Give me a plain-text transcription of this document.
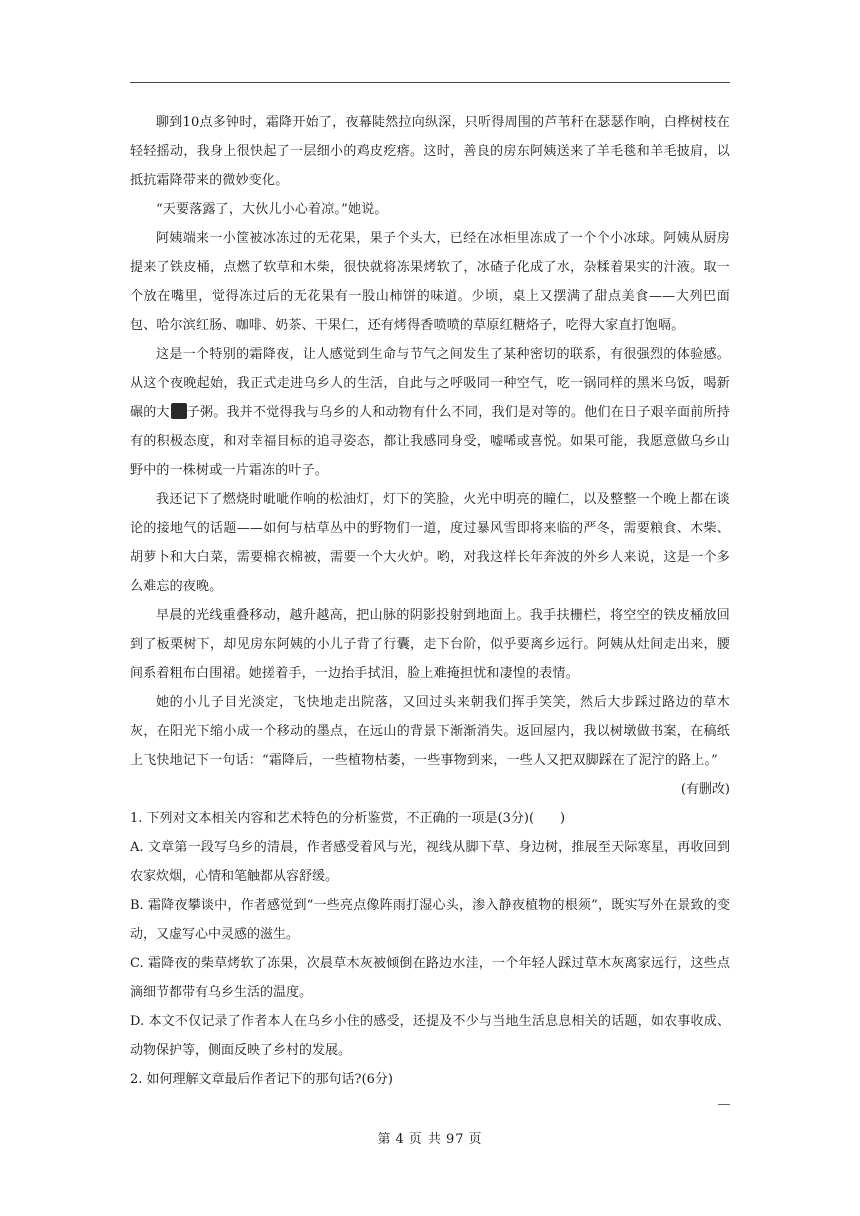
聊到10点多钟时，霜降开始了，夜幕陡然拉向纵深，只听得周围的芦苇秆在瑟瑟作响，白桦树枝在轻轻摇动，我身上很快起了一层细小的鸡皮疙瘩。这时，善良的房东阿姨送来了羊毛毯和羊毛披肩，以抵抗霜降带来的微妙变化。

“天要落露了，大伙儿小心着凉。”她说。

阿姨端来一小筐被冰冻过的无花果，果子个头大，已经在冰柜里冻成了一个个小冰球。阿姨从厨房提来了铁皮桶，点燃了软草和木柴，很快就将冻果烤软了，冰碴子化成了水，杂糅着果实的汁液。取一个放在嘴里，觉得冻过后的无花果有一股山柿饼的味道。少顷，桌上又摆满了甜点美食——大列巴面包、哈尔滨红肠、咖啡、奶茶、干果仁，还有烤得香喷喷的草原红糖烙子，吃得大家直打饱嗝。

这是一个特别的霜降夜，让人感觉到生命与节气之间发生了某种密切的联系，有很强烈的体验感。从这个夜晚起始，我正式走进乌乡人的生活，自此与之呼吸同一种空气，吃一锅同样的黑米乌饭，喝新碾的大 子粥。我并不觉得我与乌乡的人和动物有什么不同，我们是对等的。他们在日子艰辛面前所持有的积极态度，和对幸福目标的追寻姿态，都让我感同身受，嘘唏或喜悦。如果可能，我愿意做乌乡山野中的一株树或一片霜冻的叶子。

我还记下了燃烧时呲呲作响的松油灯，灯下的笑脸，火光中明亮的瞳仁，以及整整一个晚上都在谈论的接地气的话题——如何与枯草丛中的野物们一道，度过暴风雪即将来临的严冬，需要粮食、木柴、胡萝卜和大白菜，需要棉衣棉被，需要一个大火炉。哟，对我这样长年奔波的外乡人来说，这是一个多么难忘的夜晚。

早晨的光线重叠移动，越升越高，把山脉的阴影投射到地面上。我手扶栅栏，将空空的铁皮桶放回到了板栗树下，却见房东阿姨的小儿子背了行囊，走下台阶，似乎要离乡远行。阿姨从灶间走出来，腰间系着粗布白围裙。她搓着手，一边抬手拭泪，脸上难掩担忧和凄惶的表情。

她的小儿子目光淡定，飞快地走出院落，又回过头来朝我们挥手笑笑，然后大步踩过路边的草木灰，在阳光下缩小成一个移动的墨点，在远山的背景下渐渐消失。返回屋内，我以树墩做书案，在稿纸上飞快地记下一句话：“霜降后，一些植物枯萎，一些事物到来，一些人又把双脚踩在了泥泞的路上。”

(有删改)

1. 下列对文本相关内容和艺术特色的分析鉴赏，不正确的一项是(3分)( )

A. 文章第一段写乌乡的清晨，作者感受着风与光，视线从脚下草、身边树，推展至天际寒星，再收回到农家炊烟，心情和笔触都从容舒缓。

B. 霜降夜攀谈中，作者感觉到“一些亮点像阵雨打湿心头，渗入静夜植物的根须”，既实写外在景致的变动，又虚写心中灵感的滋生。

C. 霜降夜的柴草烤软了冻果，次晨草木灰被倾倒在路边水洼，一个年轻人踩过草木灰离家远行，这些点滴细节都带有乌乡生活的温度。

D. 本文不仅记录了作者本人在乌乡小住的感受，还提及不少与当地生活息息相关的话题，如农事收成、动物保护等，侧面反映了乡村的发展。

2. 如何理解文章最后作者记下的那句话?(6分)

第 4 页 共 97 页
